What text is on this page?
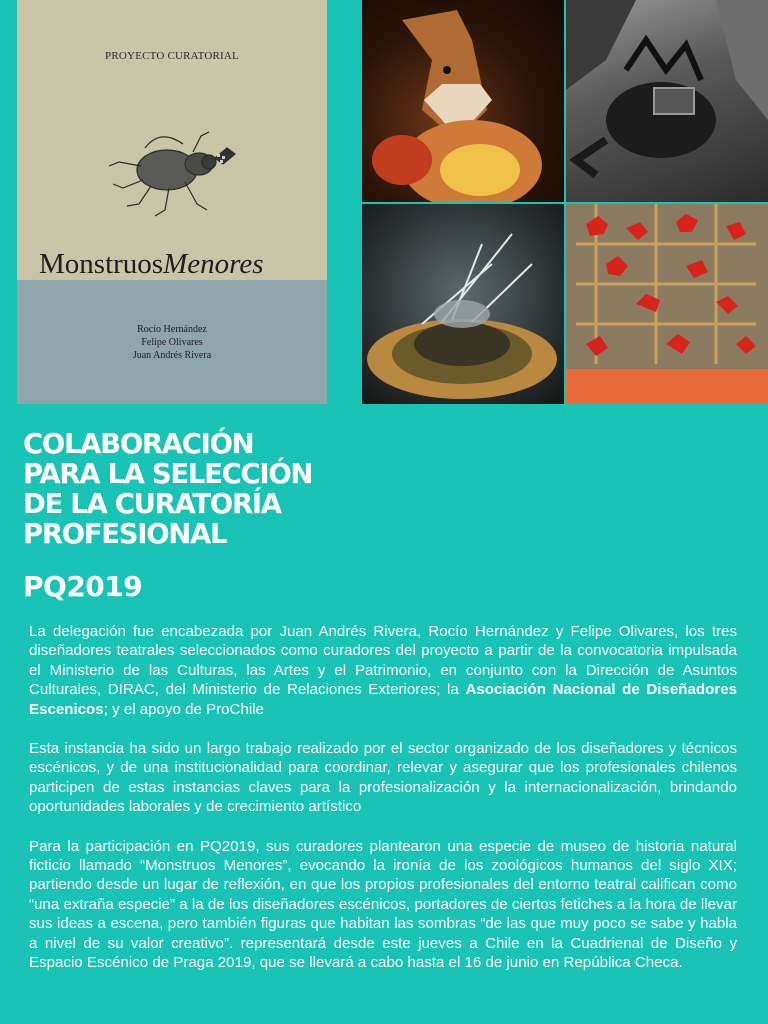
PROYECTO CURATORIAL
MonstruosMenores
Rocío Hernández
Felipe Olivares
Juan Andrés Rivera
COLABORACIÓN
PARA LA SELECCIÓN
DE LA CURATORÍA
PROFESIONAL
PQ2019

La delegación fue encabezada por Juan Andrés Rivera, Rocío Hernández y Felipe Olivares, los tres diseñadores teatrales seleccionados como curadores del proyecto a partir de la convocatoria impulsada el Ministerio de las Culturas, las Artes y el Patrimonio, en conjunto con la Dirección de Asuntos Culturales, DIRAC, del Ministerio de Relaciones Exteriores; la Asociación Nacional de Diseñadores Escenicos; y el apoyo de ProChile

Esta instancia ha sido un largo trabajo realizado por el sector organizado de los diseñadores y técnicos escénicos, y de una institucionalidad para coordinar, relevar y asegurar que los profesionales chilenos participen de estas instancias claves para la profesionalización y la internacionalización, brindando oportunidades laborales y de crecimiento artístico

Para la participación en PQ2019, sus curadores plantearon una especie de museo de historia natural ficticio llamado “Monstruos Menores”, evocando la ironía de los zoológicos humanos del siglo XIX; partiendo desde un lugar de reflexión, en que los propios profesionales del entorno teatral califican como “una extraña especie” a la de los diseñadores escénicos, portadores de ciertos fetiches a la hora de llevar sus ideas a escena, pero también figuras que habitan las sombras “de las que muy poco se sabe y habla a nivel de su valor creativo”. representará desde este jueves a Chile en la Cuadrienal de Diseño y Espacio Escénico de Praga 2019, que se llevará a cabo hasta el 16 de junio en República Checa.
